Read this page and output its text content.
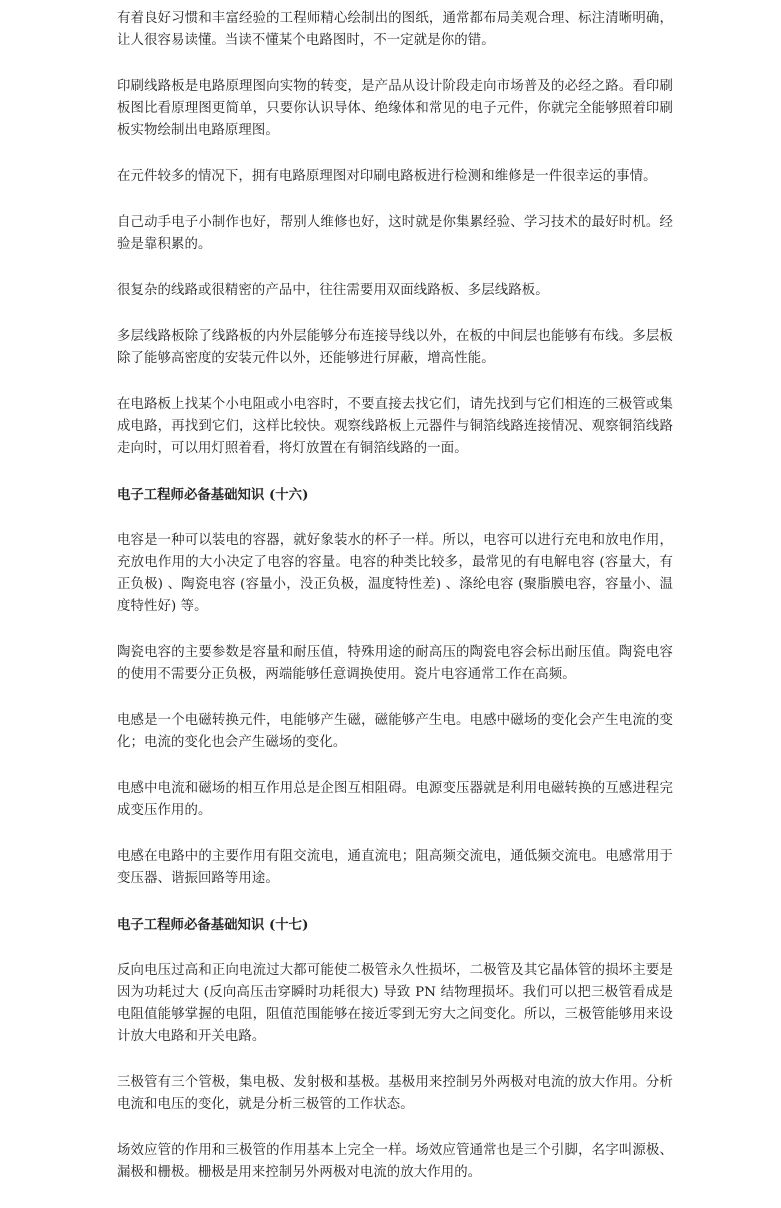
有着良好习惯和丰富经验的工程师精心绘制出的图纸，通常都布局美观合理、标注清晰明确，让人很容易读懂。当读不懂某个电路图时，不一定就是你的错。

印刷线路板是电路原理图向实物的转变，是产品从设计阶段走向市场普及的必经之路。看印刷板图比看原理图更简单，只要你认识导体、绝缘体和常见的电子元件，你就完全能够照着印刷板实物绘制出电路原理图。

在元件较多的情况下，拥有电路原理图对印刷电路板进行检测和维修是一件很幸运的事情。

自己动手电子小制作也好，帮别人维修也好，这时就是你集累经验、学习技术的最好时机。经验是靠积累的。

很复杂的线路或很精密的产品中，往往需要用双面线路板、多层线路板。

多层线路板除了线路板的内外层能够分布连接导线以外，在板的中间层也能够有布线。多层板除了能够高密度的安装元件以外，还能够进行屏蔽，增高性能。

在电路板上找某个小电阻或小电容时，不要直接去找它们，请先找到与它们相连的三极管或集成电路，再找到它们，这样比较快。观察线路板上元器件与铜箔线路连接情况、观察铜箔线路走向时，可以用灯照着看，将灯放置在有铜箔线路的一面。

电子工程师必备基础知识 (十六)

电容是一种可以装电的容器，就好象装水的杯子一样。所以，电容可以进行充电和放电作用，充放电作用的大小决定了电容的容量。电容的种类比较多，最常见的有电解电容 (容量大，有正负极) 、陶瓷电容 (容量小，没正负极，温度特性差) 、涤纶电容 (聚脂膜电容，容量小、温度特性好) 等。

陶瓷电容的主要参数是容量和耐压值，特殊用途的耐高压的陶瓷电容会标出耐压值。陶瓷电容的使用不需要分正负极，两端能够任意调换使用。瓷片电容通常工作在高频。

电感是一个电磁转换元件，电能够产生磁，磁能够产生电。电感中磁场的变化会产生电流的变化；电流的变化也会产生磁场的变化。

电感中电流和磁场的相互作用总是企图互相阻碍。电源变压器就是利用电磁转换的互感进程完成变压作用的。

电感在电路中的主要作用有阻交流电，通直流电；阻高频交流电，通低频交流电。电感常用于变压器、谐振回路等用途。

电子工程师必备基础知识 (十七)

反向电压过高和正向电流过大都可能使二极管永久性损坏，二极管及其它晶体管的损坏主要是因为功耗过大 (反向高压击穿瞬时功耗很大) 导致 PN 结物理损坏。我们可以把三极管看成是电阻值能够掌握的电阻，阻值范围能够在接近零到无穷大之间变化。所以，三极管能够用来设计放大电路和开关电路。

三极管有三个管极，集电极、发射极和基极。基极用来控制另外两极对电流的放大作用。分析电流和电压的变化，就是分析三极管的工作状态。

场效应管的作用和三极管的作用基本上完全一样。场效应管通常也是三个引脚，名字叫源极、漏极和栅极。栅极是用来控制另外两极对电流的放大作用的。
